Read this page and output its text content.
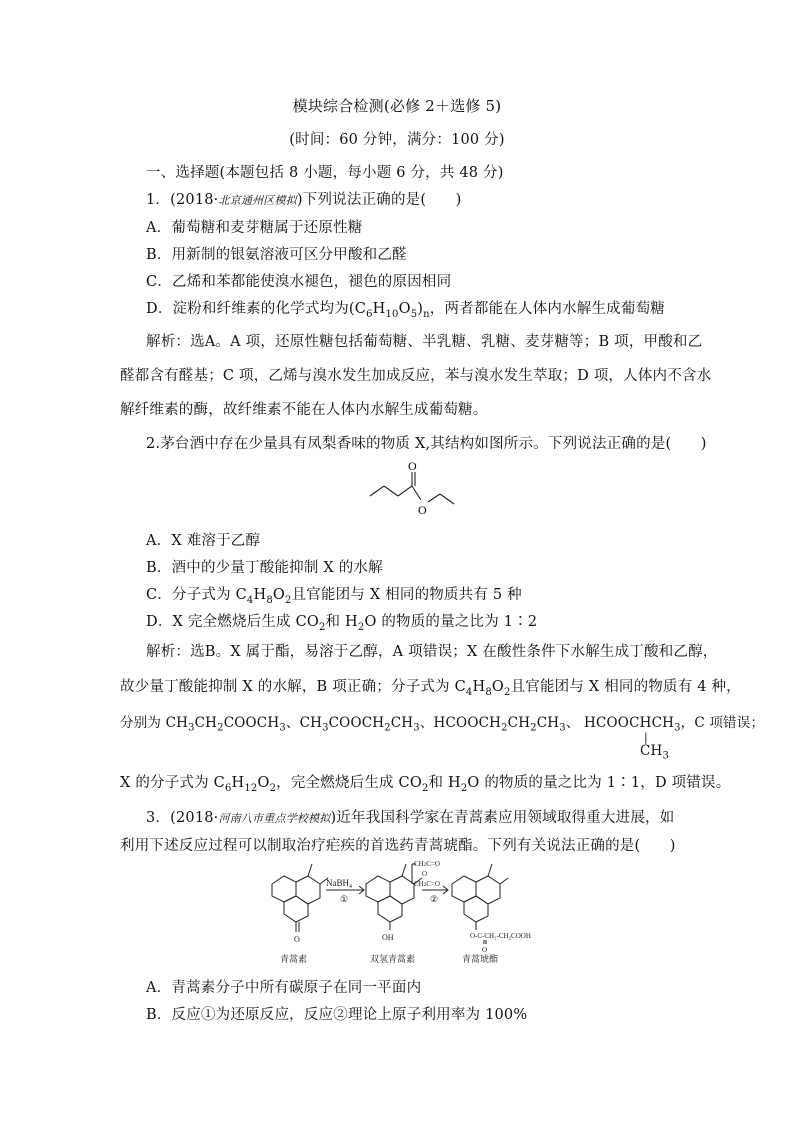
模块综合检测(必修 2＋选修 5)
(时间：60 分钟，满分：100 分)
一、选择题(本题包括 8 小题，每小题 6 分，共 48 分)
1．(2018·北京通州区模拟)下列说法正确的是(　　)
A．葡萄糖和麦芽糖属于还原性糖
B．用新制的银氨溶液可区分甲酸和乙醛
C．乙烯和苯都能使溴水褪色，褪色的原因相同
D．淀粉和纤维素的化学式均为$(C_6H_{10}O_5)_n$，两者都能在人体内水解生成葡萄糖
解析：选A。A 项，还原性糖包括葡萄糖、半乳糖、乳糖、麦芽糖等；B 项，甲酸和乙
醛都含有醛基；C 项，乙烯与溴水发生加成反应，苯与溴水发生萃取；D 项，人体内不含水
解纤维素的酶，故纤维素不能在人体内水解生成葡萄糖。
2.茅台酒中存在少量具有凤梨香味的物质 X,其结构如图所示。下列说法正确的是(　　)
O
O
A．X 难溶于乙醇
B．酒中的少量丁酸能抑制 X 的水解
C．分子式为 $C_4H_8O_2$且官能团与 X 相同的物质共有 5 种
D．X 完全燃烧后生成 $CO_2$和 $H_2O$ 的物质的量之比为 1∶2
解析：选B。X 属于酯，易溶于乙醇，A 项错误；X 在酸性条件下水解生成丁酸和乙醇，
故少量丁酸能抑制 X 的水解，B 项正确；分子式为 $C_4H_8O_2$且官能团与 X 相同的物质有 4 种，
分别为 $CH_3CH_2COOCH_3$、$CH_3COOCH_2CH_3$、$HCOOCH_2CH_2CH_3$、 $HCOOCHCH_3$
|
$CH_3$
，C 项错误；
X 的分子式为 $C_6H_{12}O_2$，完全燃烧后生成 $CO_2$和 $H_2O$ 的物质的量之比为 1∶1，D 项错误。
3．(2018·河南八市重点学校模拟)近年我国科学家在青蒿素应用领域取得重大进展，如
利用下述反应过程可以制取治疗疟疾的首选药青蒿琥酯。下列有关说法正确的是(　　)
O	OH
NaBH$_4$
①	②
CH2C=O
O
CH2C=O
O-C-CH₂-CH₂COOH
O
青蒿素	双氢青蒿素	青蒿琥酯
A．青蒿素分子中所有碳原子在同一平面内
B．反应①为还原反应，反应②理论上原子利用率为 100%
